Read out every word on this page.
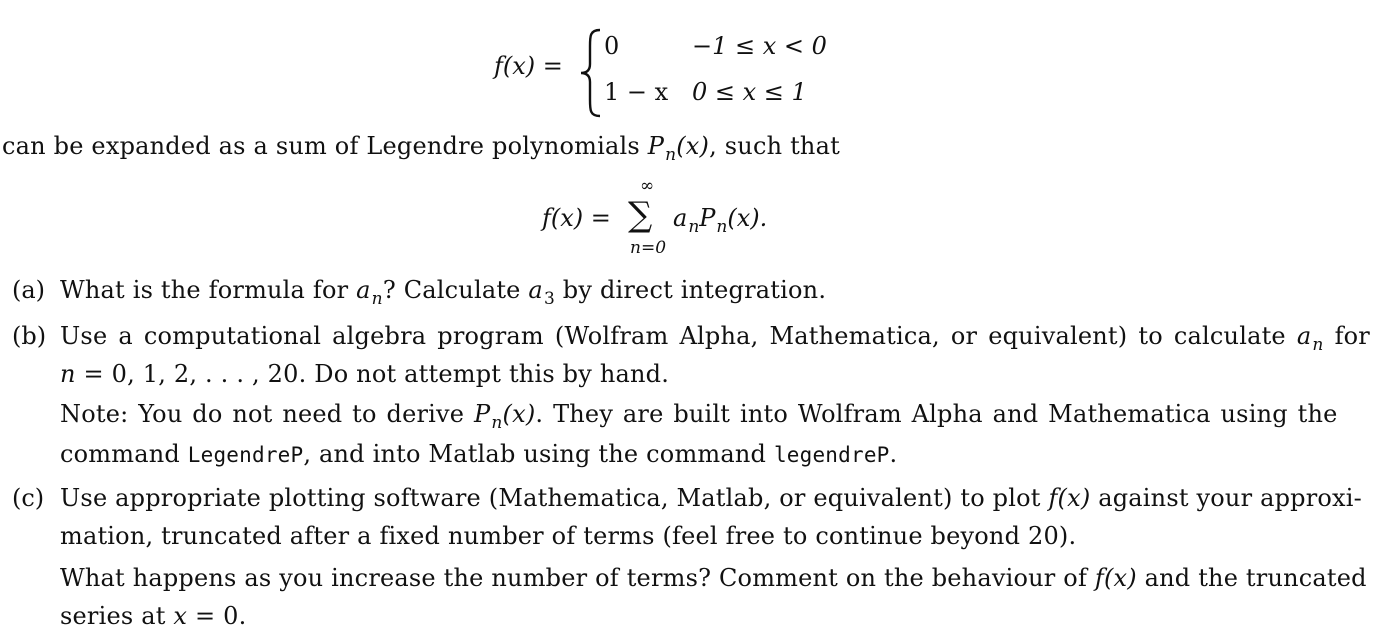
f(x) =
0	−1 ≤ x < 0
1 − x 0 ≤ x ≤ 1
can be expanded as a sum of Legendre polynomials $P_n(x)$, such that
f(x) =
∞
∑
n=0
$a_nP_n(x)$.
(a) What is the formula for $a_n$? Calculate $a_3$ by direct integration.
(b) Use a computational algebra program (Wolfram Alpha, Mathematica, or equivalent) to calculate $a_n$ for
n = 0, 1, 2, . . . , 20. Do not attempt this by hand.
Note: You do not need to derive $P_n(x)$. They are built into Wolfram Alpha and Mathematica using the
command LegendreP, and into Matlab using the command legendreP.
(c) Use appropriate plotting software (Mathematica, Matlab, or equivalent) to plot f(x) against your approxi-
mation, truncated after a fixed number of terms (feel free to continue beyond 20).
What happens as you increase the number of terms? Comment on the behaviour of f(x) and the truncated
series at x = 0.
